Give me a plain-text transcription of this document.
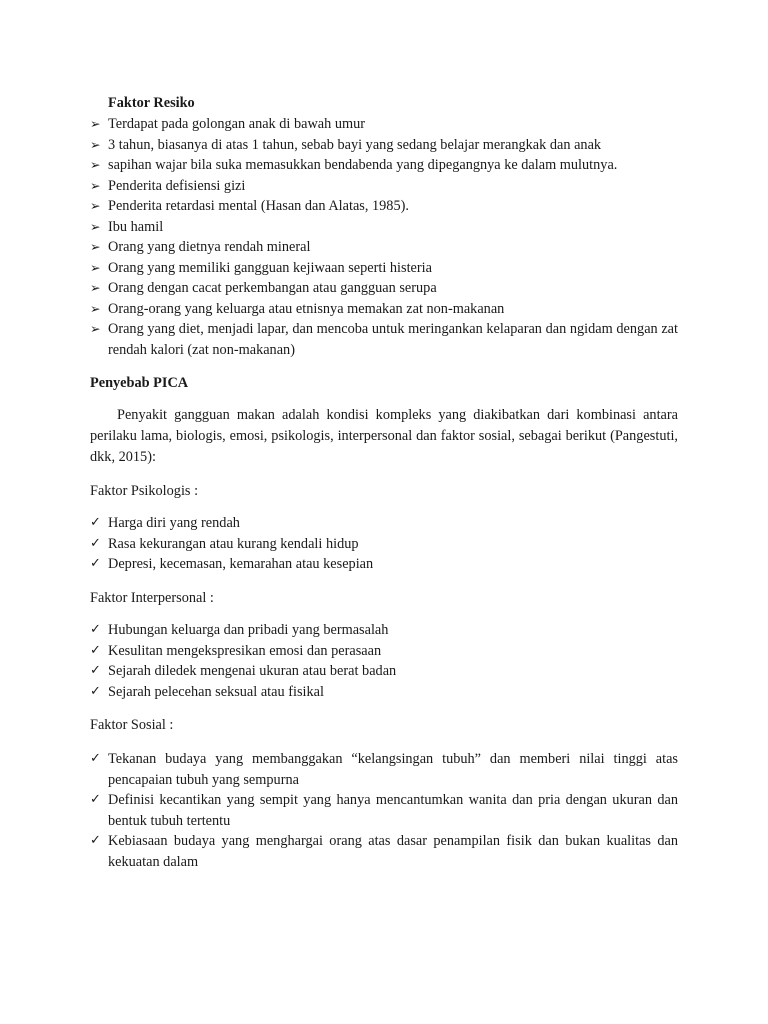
Faktor Resiko
➢ Terdapat pada golongan anak di bawah umur
➢ 3 tahun, biasanya di atas 1 tahun, sebab bayi yang sedang belajar merangkak dan anak
➢ sapihan wajar bila suka memasukkan bendabenda yang dipegangnya ke dalam mulutnya.
➢ Penderita defisiensi gizi
➢ Penderita retardasi mental (Hasan dan Alatas, 1985).
➢ Ibu hamil
➢ Orang yang dietnya rendah mineral
➢ Orang yang memiliki gangguan kejiwaan seperti histeria
➢ Orang dengan cacat perkembangan atau gangguan serupa
➢ Orang-orang yang keluarga atau etnisnya memakan zat non-makanan
➢ Orang yang diet, menjadi lapar, dan mencoba untuk meringankan kelaparan dan ngidam dengan zat rendah kalori (zat non-makanan)
Penyebab PICA
Penyakit gangguan makan adalah kondisi kompleks yang diakibatkan dari kombinasi antara perilaku lama, biologis, emosi, psikologis, interpersonal dan faktor sosial, sebagai berikut (Pangestuti, dkk, 2015):
Faktor Psikologis :
✓ Harga diri yang rendah
✓ Rasa kekurangan atau kurang kendali hidup
✓ Depresi, kecemasan, kemarahan atau kesepian
Faktor Interpersonal :
✓ Hubungan keluarga dan pribadi yang bermasalah
✓ Kesulitan mengekspresikan emosi dan perasaan
✓ Sejarah diledek mengenai ukuran atau berat badan
✓ Sejarah pelecehan seksual atau fisikal
Faktor Sosial :
✓ Tekanan budaya yang membanggakan “kelangsingan tubuh” dan memberi nilai tinggi atas pencapaian tubuh yang sempurna
✓ Definisi kecantikan yang sempit yang hanya mencantumkan wanita dan pria dengan ukuran dan bentuk tubuh tertentu
✓ Kebiasaan budaya yang menghargai orang atas dasar penampilan fisik dan bukan kualitas dan kekuatan dalam
